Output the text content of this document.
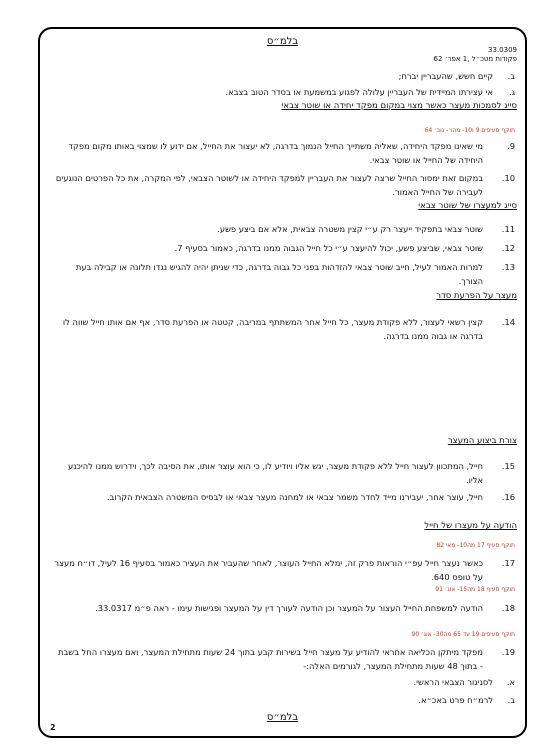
בלמ״ס
33.0309
פקודות מטכ״ל ,1 אפר׳ 62
ב.קיים חשש, שהעבריין יברח;
ג.אי עצירתו המיידית של העבריין עלולה לפגוע במשמעת או בסדר הטוב בצבא.
סייג לסמכות מעצר כאשר מצוי במקום מפקד יחידה או שוטר צבאי
תוקף סעיפים 9 ו10- מהו׳- נוב׳ 64
9.
מי שאינו מפקד היחידה, שאליה משתייך החייל הנמוך בדרגה, לא יעצור את החייל, אם ידוע לו שמצוי באותו מקום מפקד היחידה של החייל או שוטר צבאי.
10.
במקום זאת ימסור החייל שרצה לעצור את העבריין למפקד היחידה או לשוטר הצבאי, לפי המקרה, את כל הפרטים הנוגעים לעבירה של החייל האמור.
סייג למעצרו של שוטר צבאי
11.
שוטר צבאי בתפקיד ייעצר רק ע״י קצין משטרה צבאית, אלא אם ביצע פשע.
12.
שוטר צבאי, שביצע פשע, יכול להיעצר ע״י כל חייל הגבוה ממנו בדרגה, כאמור בסעיף 7.
13.
למרות האמור לעיל, חייב שוטר צבאי להזדהות בפני כל גבוה בדרגה, כדי שניתן יהיה להגיש נגדו תלונה או קבילה בעת הצורך.
מעצר על הפרעת סדר
14.
קצין רשאי לעצור, ללא פקודת מעצר, כל חייל אחר המשתתף במריבה, קטטה או הפרעת סדר, אף אם אותו חייל שווה לו בדרגה או גבוה ממנו בדרגה.
צורת ביצוע המעצר
15.
חייל, המתכוון לעצור חייל ללא פקודת מעצר, יגש אליו ויודיע לו, כי הוא עוצר אותו, את הסיבה לכך, וידרוש ממנו להיכנע אליו.
16.
חייל, עוצר אחר, יעבירנו מייד לחדר משמר צבאי או למחנה מעצר צבאי או לבסיס המשטרה הצבאית הקרוב.
הודעה על מעצרו של חייל
תוקף סעיף 17 מה10- מאי 82
17.
כאשר נעצר חייל עפ״י הוראות פרק זה, ימלא החייל העוצר, לאחר שהעביר את העציר כאמור בסעיף 16 לעיל, דו״ח מעצר על טופס 640.
תוקף סעיף 18 מה15- אוג׳ 91
18.
הודעה למשפחת החייל העצור על המעצר וכן הודעה לעורך דין על המעצר ופגישות עימו - ראה פ״מ 33.0317.
תוקף סעיפים 19 עד 65 מה30- אוג׳ 90
19.
מפקד מיתקן הכליאה אחראי להודיע על מעצר חייל בשירות קבע בתוך 24 שעות מתחילת המעצר, ואם מעצרו החל בשבת - בתוך 48 שעות מתחילת המעצר, לגורמים האלה:-
א.לסניגור הצבאי הראשי.
ב.לרמ״ח פרט באכ״א.
בלמ״ס
2
